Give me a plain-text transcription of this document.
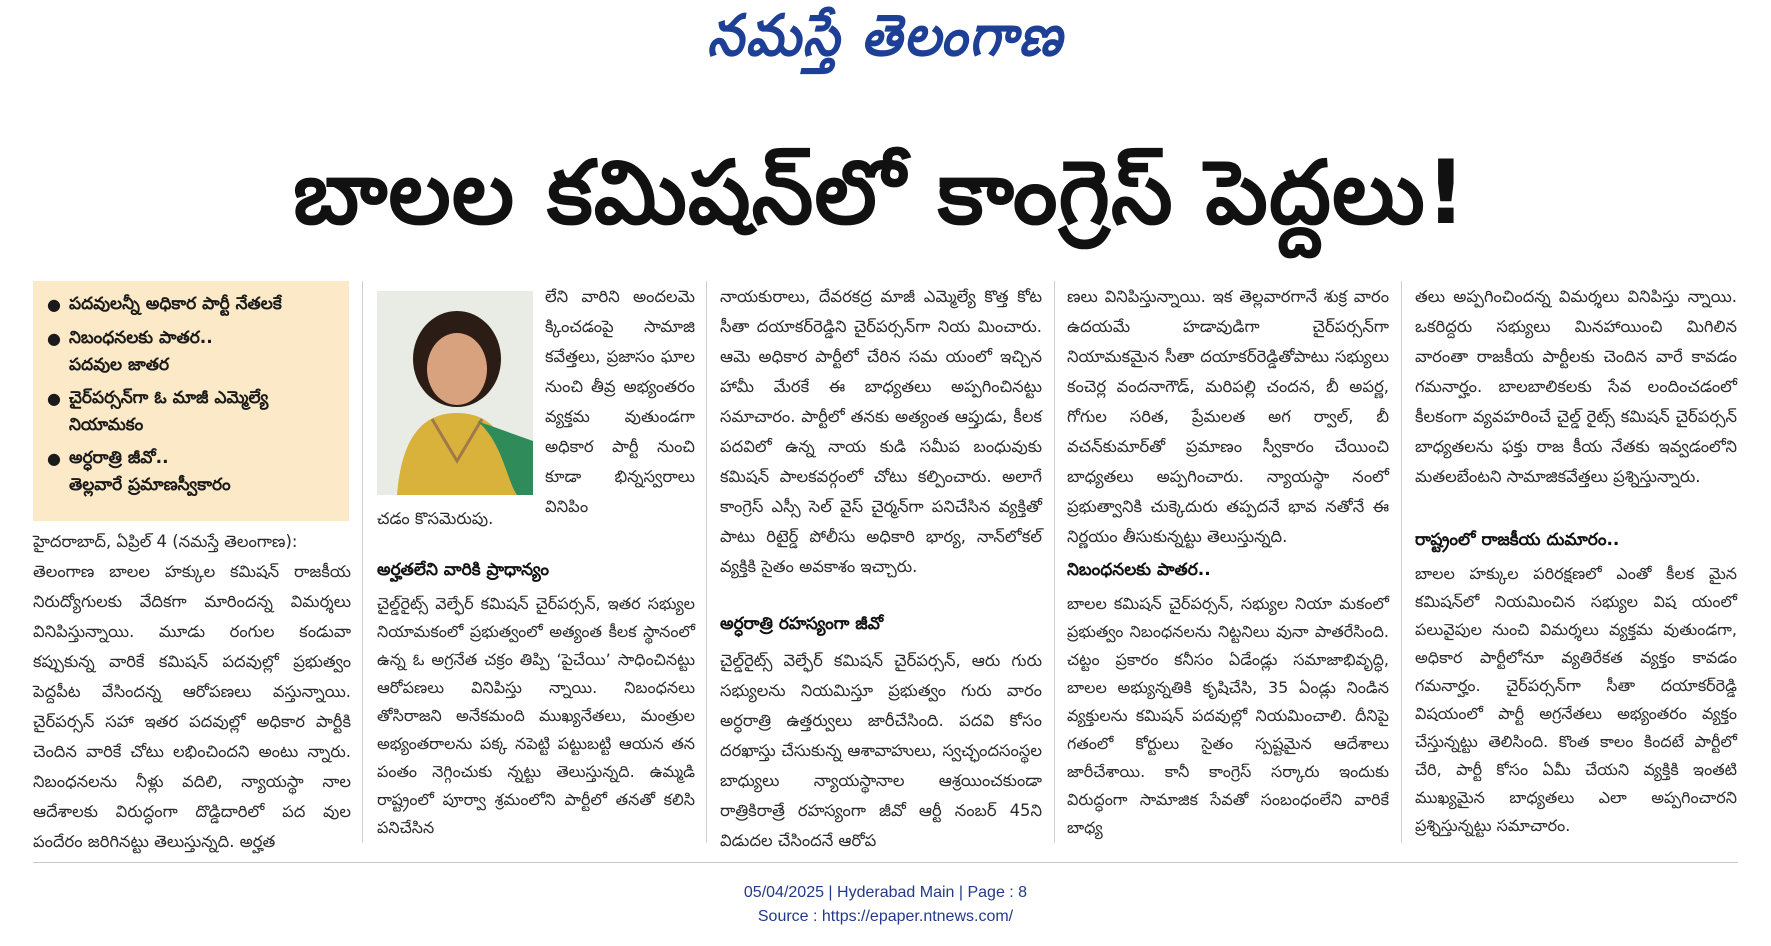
నమస్తే తెలంగాణ
బాలల కమిషన్‌లో కాంగ్రెస్ పెద్దలు!
● పదవులన్నీ అధికార పార్టీ నేతలకే
● నిబంధనలకు పాతర..
పదవుల జాతర
● చైర్‌పర్సన్‌గా ఓ మాజీ ఎమ్మెల్యే
నియామకం
● అర్ధరాత్రి జీవో..
తెల్లవారే ప్రమాణస్వీకారం

హైదరాబాద్, ఏప్రిల్ 4 (నమస్తే తెలంగాణ):

తెలంగాణ బాలల హక్కుల కమిషన్ రాజకీయ నిరుద్యోగులకు వేదికగా మారిందన్న విమర్శలు వినిపిస్తున్నాయి. మూడు రంగుల కండువా కప్పుకున్న వారికే కమిషన్ పదవుల్లో ప్రభుత్వం పెద్దపీట వేసిందన్న ఆరోపణలు వస్తున్నాయి. చైర్‌పర్సన్ సహా ఇతర పదవుల్లో అధికార పార్టీకి చెందిన వారికే చోటు లభించిందని అంటు న్నారు. నిబంధనలను నీళ్లు వదిలి, న్యాయస్థా నాల ఆదేశాలకు విరుద్ధంగా దొడ్డిదారిలో పద వుల పందేరం జరిగినట్టు తెలుస్తున్నది. అర్హత

లేని వారిని అందలమె క్కించడంపై సామాజి కవేత్తలు, ప్రజాసం ఘాల నుంచి తీవ్ర అభ్యంతరం వ్యక్తమ వుతుండగా అధికార పార్టీ నుంచి కూడా భిన్నస్వరాలు వినిపిం

చడం కొసమెరుపు.

అర్హతలేని వారికి ప్రాధాన్యం

చైల్డ్‌రైట్స్ వెల్ఫేర్ కమిషన్ చైర్‌పర్సన్, ఇతర సభ్యుల నియామకంలో ప్రభుత్వంలో అత్యంత కీలక స్థానంలో ఉన్న ఓ అగ్రనేత చక్రం తిప్పి ‘పైచేయి’ సాధించినట్టు ఆరోపణలు వినిపిస్తు న్నాయి. నిబంధనలు తోసిరాజని అనేకమంది ముఖ్యనేతలు, మంత్రుల అభ్యంతరాలను పక్క నపెట్టి పట్టుబట్టి ఆయన తన పంతం నెగ్గించుకు న్నట్టు తెలుస్తున్నది. ఉమ్మడి రాష్ట్రంలో పూర్వా శ్రమంలోని పార్టీలో తనతో కలిసి పనిచేసిన

నాయకురాలు, దేవరకద్ర మాజీ ఎమ్మెల్యే కొత్త కోట సీతా దయాకర్‌రెడ్డిని చైర్‌పర్సన్‌గా నియ మించారు. ఆమె అధికార పార్టీలో చేరిన సమ యంలో ఇచ్చిన హామీ మేరకే ఈ బాధ్యతలు అప్పగించినట్టు సమాచారం. పార్టీలో తనకు అత్యంత ఆప్తుడు, కీలక పదవిలో ఉన్న నాయ కుడి సమీప బంధువుకు కమిషన్ పాలకవర్గంలో చోటు కల్పించారు. అలాగే కాంగ్రెస్ ఎస్సీ సెల్ వైస్ చైర్మన్‌గా పనిచేసిన వ్యక్తితో పాటు రిటైర్డ్ పోలీసు అధికారి భార్య, నాన్‌లోకల్ వ్యక్తికి సైతం అవకాశం ఇచ్చారు.

అర్ధరాత్రి రహస్యంగా జీవో

చైల్డ్‌రైట్స్ వెల్ఫేర్ కమిషన్ చైర్‌పర్సన్, ఆరు గురు సభ్యులను నియమిస్తూ ప్రభుత్వం గురు వారం అర్ధరాత్రి ఉత్తర్వులు జారీచేసింది. పదవి కోసం దరఖాస్తు చేసుకున్న ఆశావాహులు, స్వచ్ఛందసంస్థల బాధ్యులు న్యాయస్థానాల ఆశ్రయించకుండా రాత్రికిరాత్రే రహస్యంగా జీవో ఆర్టీ నంబర్ 45ని విడుదల చేసిందనే ఆరోప

ణలు వినిపిస్తున్నాయి. ఇక తెల్లవారగానే శుక్ర వారం ఉదయమే హడావుడిగా చైర్‌పర్సన్‌గా నియామకమైన సీతా దయాకర్‌రెడ్డితోపాటు సభ్యులు కంచెర్ల వందనాగౌడ్, మరిపల్లి చందన, బీ అపర్ణ, గోగుల సరిత, ప్రేమలత అగ ర్వాల్, బీ వచన్‌కుమార్‌తో ప్రమాణం స్వీకారం చేయించి బాధ్యతలు అప్పగించారు. న్యాయస్థా నంలో ప్రభుత్వానికి చుక్కెదురు తప్పదనే భావ నతోనే ఈ నిర్ణయం తీసుకున్నట్టు తెలుస్తున్నది.

నిబంధనలకు పాతర..

బాలల కమిషన్ చైర్‌పర్సన్, సభ్యుల నియా మకంలో ప్రభుత్వం నిబంధనలను నిట్టనిలు వునా పాతరేసింది. చట్టం ప్రకారం కనీసం ఏడేండ్లు సమాజాభివృద్ధి, బాలల అభ్యున్నతికి కృషిచేసి, 35 ఏండ్లు నిండిన వ్యక్తులను కమిషన్ పదవుల్లో నియమించాలి. దీనిపై గతంలో కోర్టులు సైతం స్పష్టమైన ఆదేశాలు జారీచేశాయి. కానీ కాంగ్రెస్ సర్కారు ఇందుకు విరుద్ధంగా సామాజిక సేవతో సంబంధంలేని వారికే బాధ్య

తలు అప్పగించిందన్న విమర్శలు వినిపిస్తు న్నాయి. ఒకరిద్దరు సభ్యులు మినహాయించి మిగిలిన వారంతా రాజకీయ పార్టీలకు చెందిన వారే కావడం గమనార్హం. బాలబాలికలకు సేవ లందించడంలో కీలకంగా వ్యవహరించే చైల్డ్ రైట్స్ కమిషన్ చైర్‌పర్సన్ బాధ్యతలను ఫక్తు రాజ కీయ నేతకు ఇవ్వడంలోని మతలబేంటని సామాజికవేత్తలు ప్రశ్నిస్తున్నారు.

రాష్ట్రంలో రాజకీయ దుమారం..

బాలల హక్కుల పరిరక్షణలో ఎంతో కీలక మైన కమిషన్‌లో నియమించిన సభ్యుల విష యంలో పలువైపుల నుంచి విమర్శలు వ్యక్తమ వుతుండగా, అధికార పార్టీలోనూ వ్యతిరేకత వ్యక్తం కావడం గమనార్హం. చైర్‌పర్సన్‌గా సీతా దయాకర్‌రెడ్డి విషయంలో పార్టీ అగ్రనేతలు అభ్యంతరం వ్యక్తం చేస్తున్నట్టు తెలిసింది. కొంత కాలం కిందటే పార్టీలో చేరి, పార్టీ కోసం ఏమీ చేయని వ్యక్తికి ఇంతటి ముఖ్యమైన బాధ్యతలు ఎలా అప్పగించారని ప్రశ్నిస్తున్నట్టు సమాచారం.

05/04/2025 | Hyderabad Main | Page : 8
Source : https://epaper.ntnews.com/
